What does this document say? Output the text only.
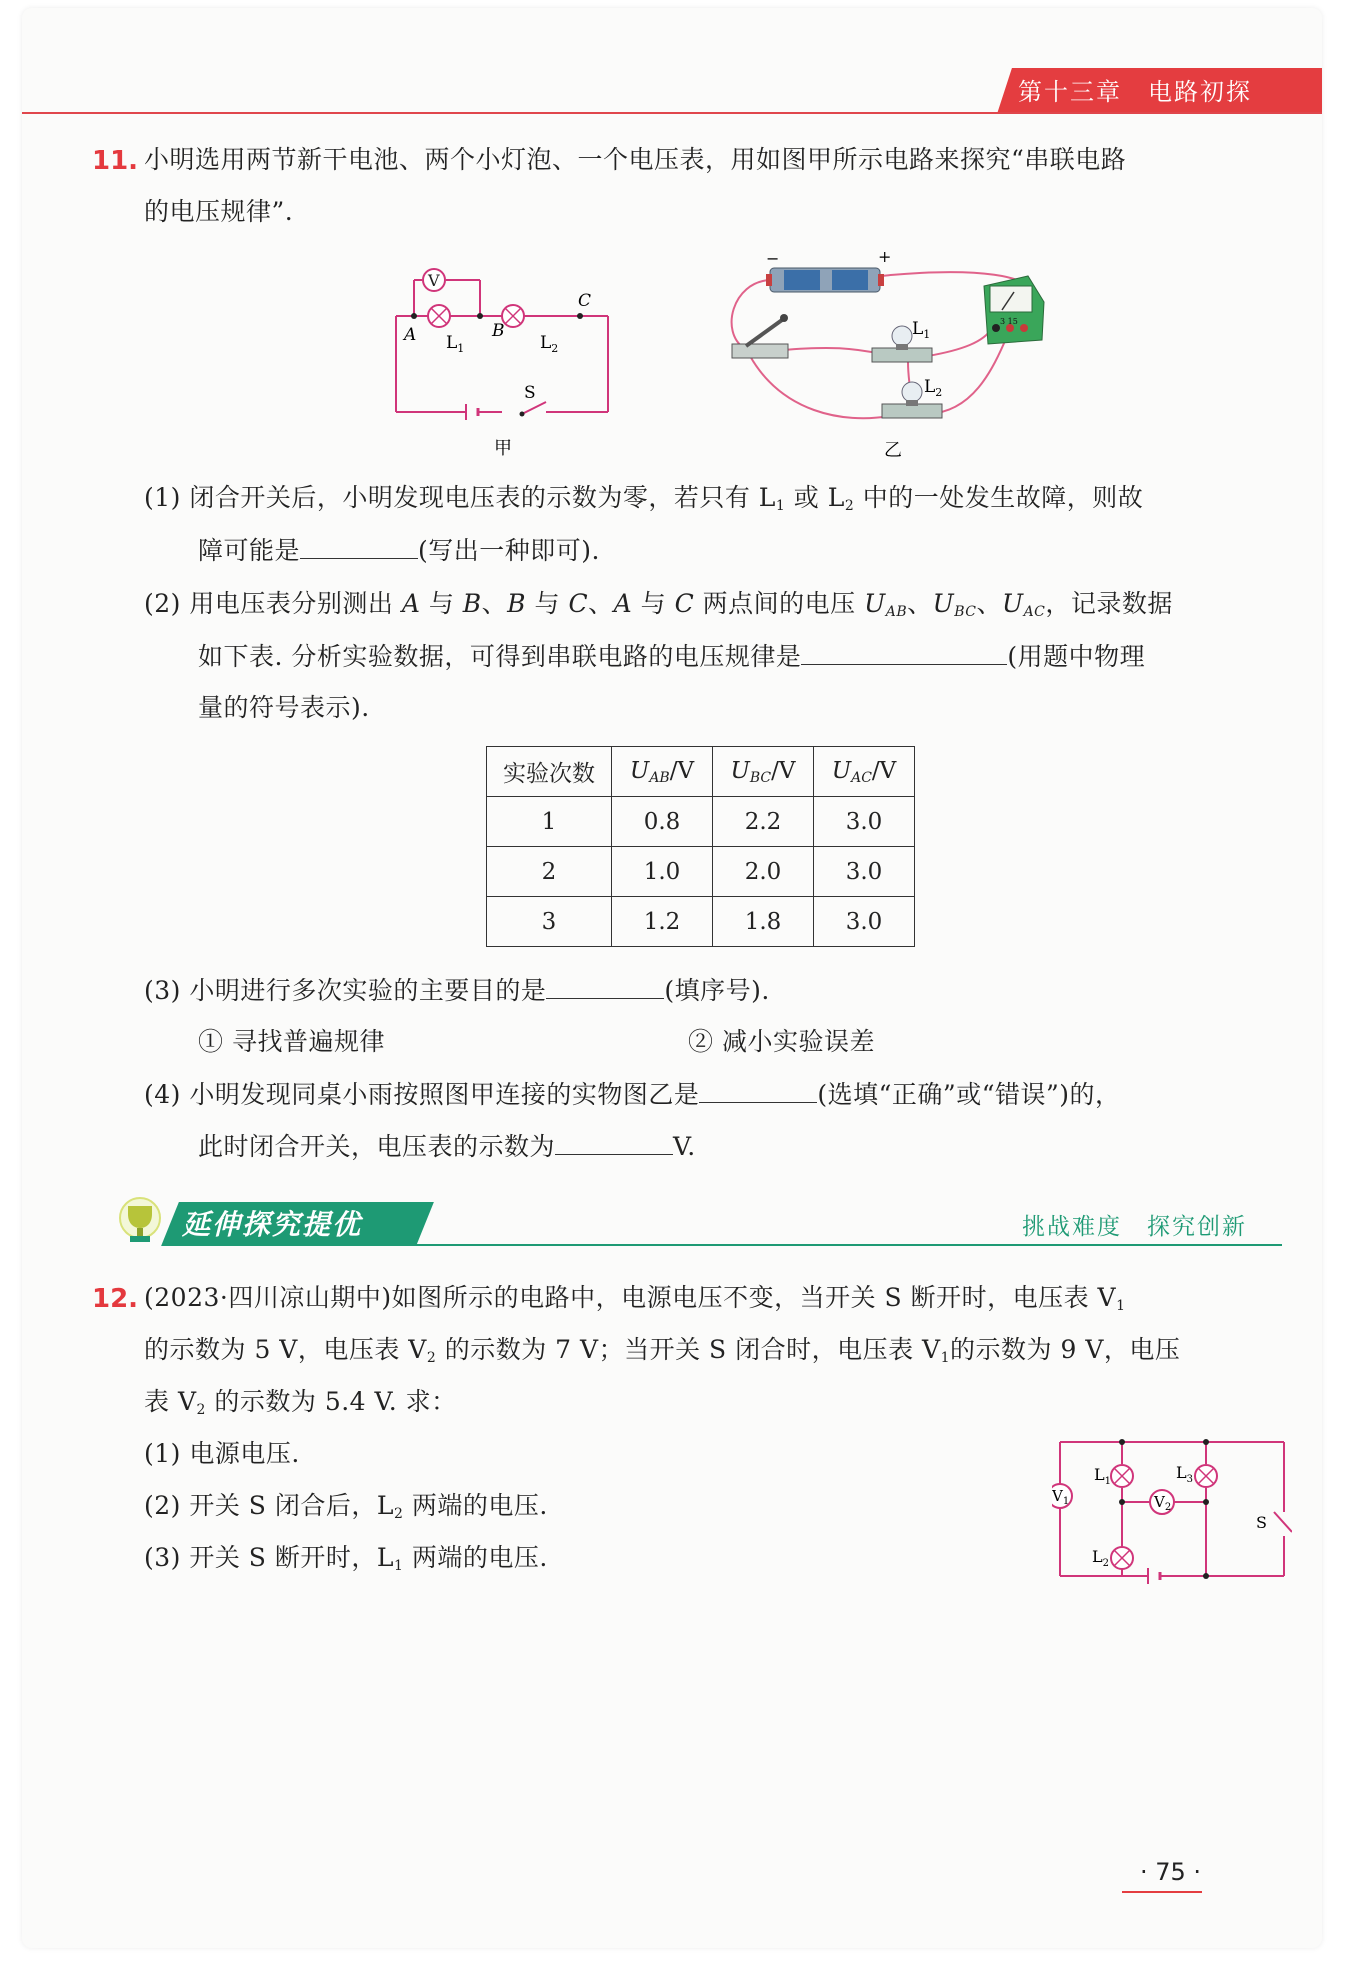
第十三章　电路初探
11. 小明选用两节新干电池、两个小灯泡、一个电压表，用如图甲所示电路来探究“串联电路
的电压规律”.
V
A	B
C
$L_1$	$L_2$
S
甲
−	+
$L_1$
$L_2$
3 15
乙
(1) 闭合开关后，小明发现电压表的示数为零，若只有 $L_1$ 或 $L_2$ 中的一处发生故障，则故
障可能是	(写出一种即可).
(2) 用电压表分别测出 A 与 B、B 与 C、A 与 C 两点间的电压 $U_{AB}$、$U_{BC}$、$U_{AC}$，记录数据
如下表. 分析实验数据，可得到串联电路的电压规律是	(用题中物理
量的符号表示).
实验次数	$U_{AB}/V$	$U_{BC}/V$	$U_{AC}/V$
1	0.8	2.2	3.0
2	1.0	2.0	3.0
3	1.2	1.8	3.0
(3) 小明进行多次实验的主要目的是	(填序号).
① 寻找普遍规律	② 减小实验误差
(4) 小明发现同桌小雨按照图甲连接的实物图乙是	(选填“正确”或“错误”)的，
此时闭合开关，电压表的示数为	V.
延伸探究提优	挑战难度　探究创新
12. (2023·四川凉山期中)如图所示的电路中，电源电压不变，当开关 S 断开时，电压表 $V_1$
的示数为 5 V，电压表 $V_2$ 的示数为 7 V；当开关 S 闭合时，电压表 $V_1$的示数为 9 V，电压
表 $V_2$ 的示数为 5.4 V. 求：
(1) 电源电压.
(2) 开关 S 闭合后，$L_2$ 两端的电压.
(3) 开关 S 断开时，$L_1$ 两端的电压.
$V_1$	$V_2$
$L_1$	$L_3$
$L_2$
S
· 75 ·
